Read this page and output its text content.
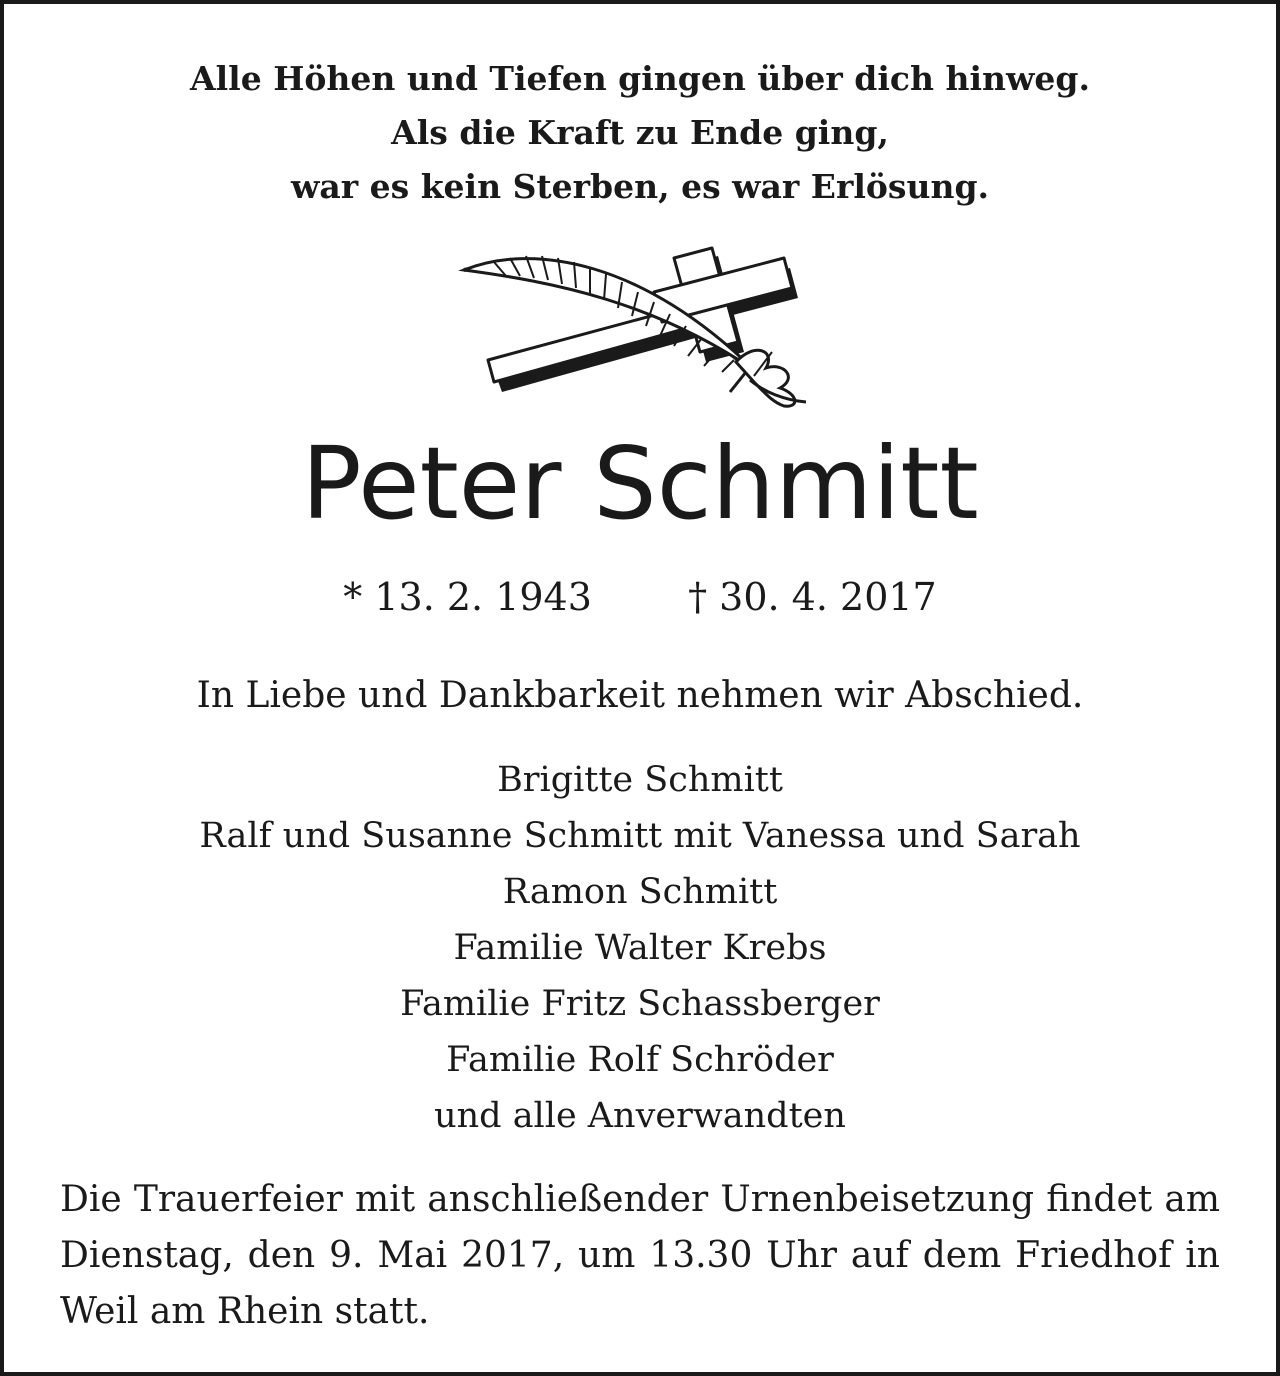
Alle Höhen und Tiefen gingen über dich hinweg.
Als die Kraft zu Ende ging,
war es kein Sterben, es war Erlösung.
Peter Schmitt
* 13. 2. 1943	† 30. 4. 2017
In Liebe und Dankbarkeit nehmen wir Abschied.
Brigitte Schmitt
Ralf und Susanne Schmitt mit Vanessa und Sarah
Ramon Schmitt
Familie Walter Krebs
Familie Fritz Schassberger
Familie Rolf Schröder
und alle Anverwandten
Die Trauerfeier mit anschließender Urnenbeisetzung findet am Dienstag, den 9. Mai 2017, um 13.30 Uhr auf dem Friedhof in Weil am Rhein statt.
